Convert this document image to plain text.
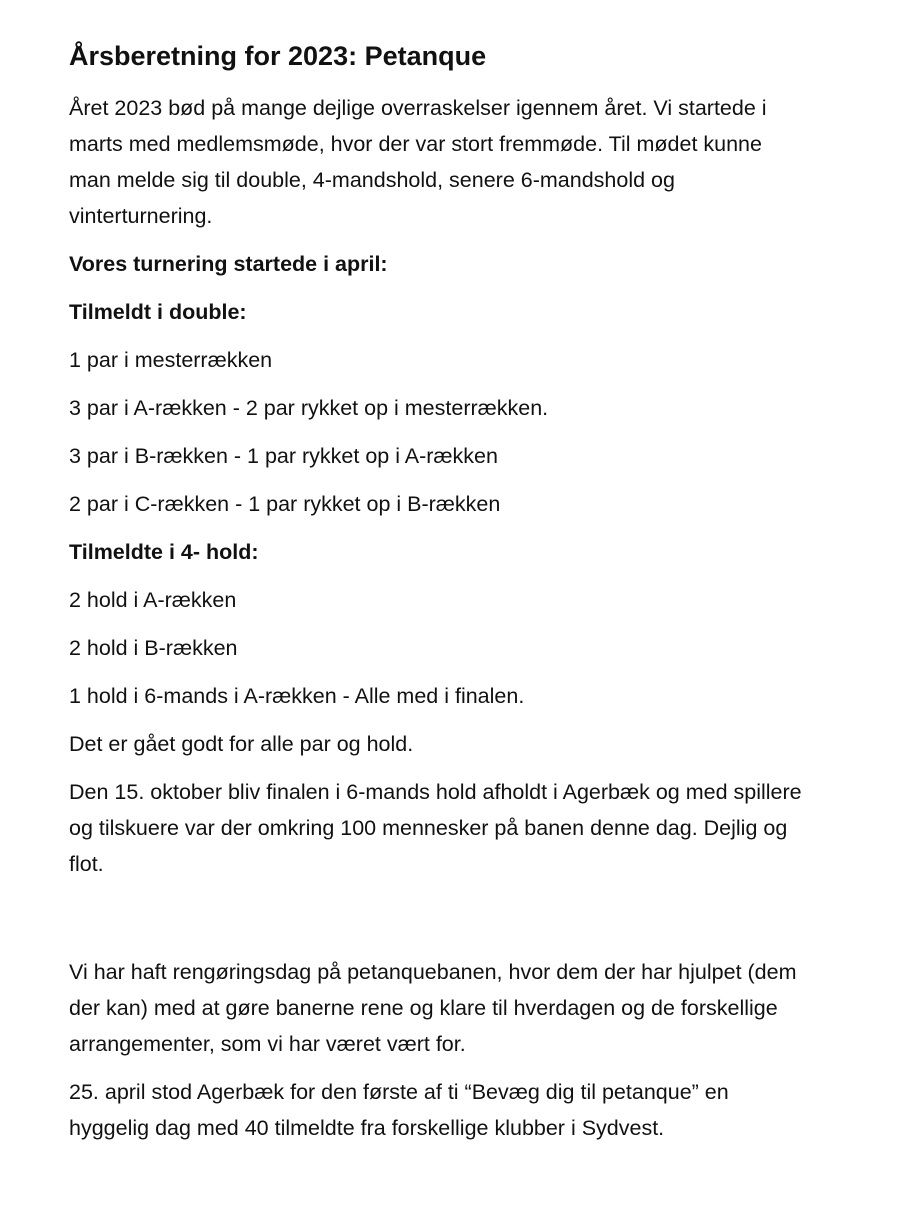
Årsberetning for 2023: Petanque

Året 2023 bød på mange dejlige overraskelser igennem året. Vi startede i marts med medlemsmøde, hvor der var stort fremmøde. Til mødet kunne man melde sig til double, 4-mandshold, senere 6-mandshold og vinterturnering.

Vores turnering startede i april:

Tilmeldt i double:

1 par i mesterrækken

3 par i A-rækken - 2 par rykket op i mesterrækken.

3 par i B-rækken - 1 par rykket op i A-rækken

2 par i C-rækken - 1 par rykket op i B-rækken

Tilmeldte i 4- hold:

2 hold i A-rækken

2 hold i B-rækken

1 hold i 6-mands i A-rækken - Alle med i finalen.

Det er gået godt for alle par og hold.

Den 15. oktober bliv finalen i 6-mands hold afholdt i Agerbæk og med spillere og tilskuere var der omkring 100 mennesker på banen denne dag. Dejlig og flot.

Vi har haft rengøringsdag på petanquebanen, hvor dem der har hjulpet (dem der kan) med at gøre banerne rene og klare til hverdagen og de forskellige arrangementer, som vi har været vært for.

25. april stod Agerbæk for den første af ti “Bevæg dig til petanque” en hyggelig dag med 40 tilmeldte fra forskellige klubber i Sydvest.
